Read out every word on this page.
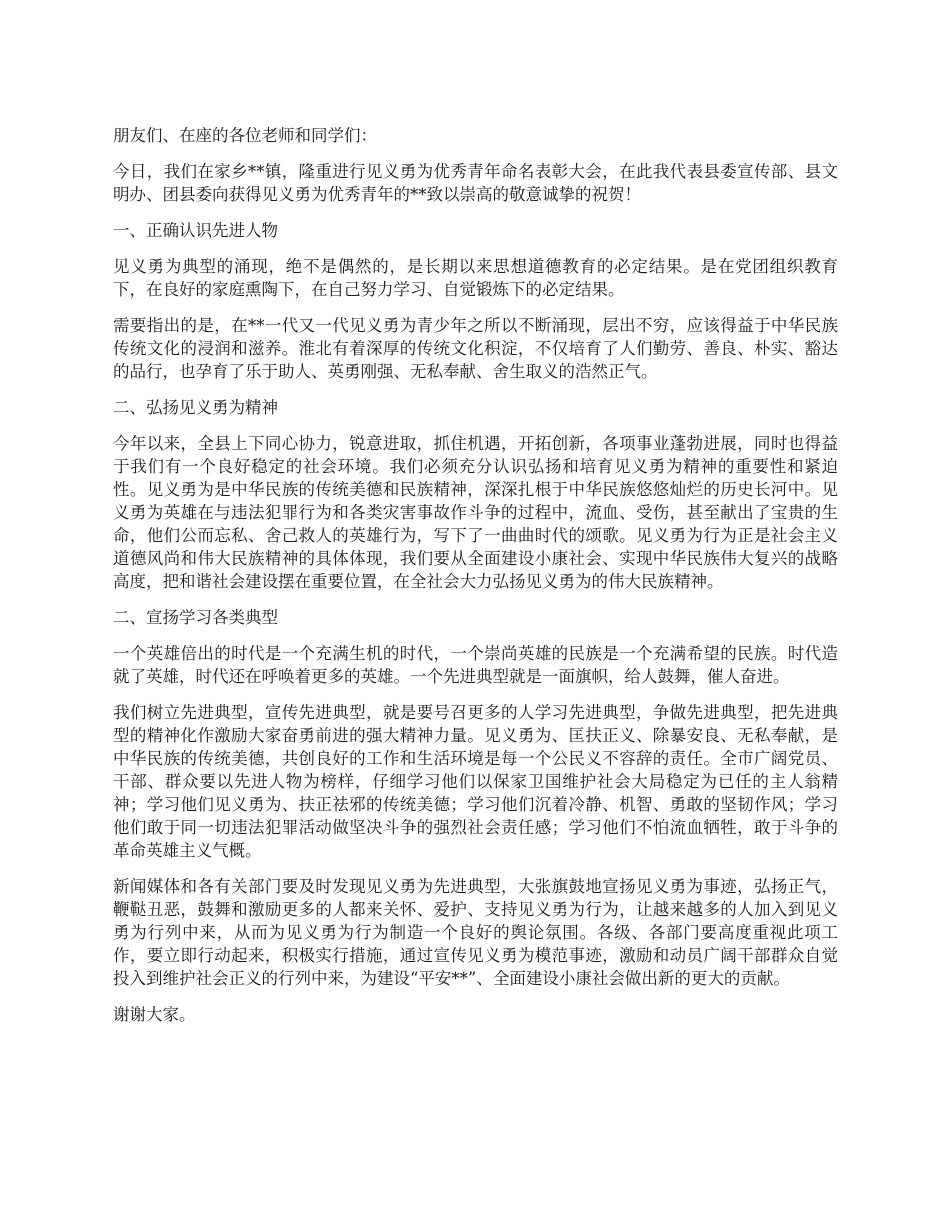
朋友们、在座的各位老师和同学们：

今日，我们在家乡**镇，隆重进行见义勇为优秀青年命名表彰大会，在此我代表县委宣传部、县文明办、团县委向获得见义勇为优秀青年的**致以崇高的敬意诚挚的祝贺！

一、正确认识先进人物

见义勇为典型的涌现，绝不是偶然的，是长期以来思想道德教育的必定结果。是在党团组织教育下，在良好的家庭熏陶下，在自己努力学习、自觉锻炼下的必定结果。

需要指出的是，在**一代又一代见义勇为青少年之所以不断涌现，层出不穷，应该得益于中华民族传统文化的浸润和滋养。淮北有着深厚的传统文化积淀，不仅培育了人们勤劳、善良、朴实、豁达的品行，也孕育了乐于助人、英勇刚强、无私奉献、舍生取义的浩然正气。

二、弘扬见义勇为精神

今年以来，全县上下同心协力，锐意进取，抓住机遇，开拓创新，各项事业蓬勃进展，同时也得益于我们有一个良好稳定的社会环境。我们必须充分认识弘扬和培育见义勇为精神的重要性和紧迫性。见义勇为是中华民族的传统美德和民族精神，深深扎根于中华民族悠悠灿烂的历史长河中。见义勇为英雄在与违法犯罪行为和各类灾害事故作斗争的过程中，流血、受伤，甚至献出了宝贵的生命，他们公而忘私、舍己救人的英雄行为，写下了一曲曲时代的颂歌。见义勇为行为正是社会主义道德风尚和伟大民族精神的具体体现，我们要从全面建设小康社会、实现中华民族伟大复兴的战略高度，把和谐社会建设摆在重要位置，在全社会大力弘扬见义勇为的伟大民族精神。

二、宣扬学习各类典型

一个英雄倍出的时代是一个充满生机的时代，一个崇尚英雄的民族是一个充满希望的民族。时代造就了英雄，时代还在呼唤着更多的英雄。一个先进典型就是一面旗帜，给人鼓舞，催人奋进。

我们树立先进典型，宣传先进典型，就是要号召更多的人学习先进典型，争做先进典型，把先进典型的精神化作激励大家奋勇前进的强大精神力量。见义勇为、匡扶正义、除暴安良、无私奉献，是中华民族的传统美德，共创良好的工作和生活环境是每一个公民义不容辞的责任。全市广阔党员、干部、群众要以先进人物为榜样，仔细学习他们以保家卫国维护社会大局稳定为已任的主人翁精神；学习他们见义勇为、扶正祛邪的传统美德；学习他们沉着冷静、机智、勇敢的坚韧作风；学习他们敢于同一切违法犯罪活动做坚决斗争的强烈社会责任感；学习他们不怕流血牺牲，敢于斗争的革命英雄主义气概。

新闻媒体和各有关部门要及时发现见义勇为先进典型，大张旗鼓地宣扬见义勇为事迹，弘扬正气，鞭鞑丑恶，鼓舞和激励更多的人都来关怀、爱护、支持见义勇为行为，让越来越多的人加入到见义勇为行列中来，从而为见义勇为行为制造一个良好的舆论氛围。各级、各部门要高度重视此项工作，要立即行动起来，积极实行措施，通过宣传见义勇为模范事迹，激励和动员广阔干部群众自觉投入到维护社会正义的行列中来，为建设“平安**”、全面建设小康社会做出新的更大的贡献。

谢谢大家。
